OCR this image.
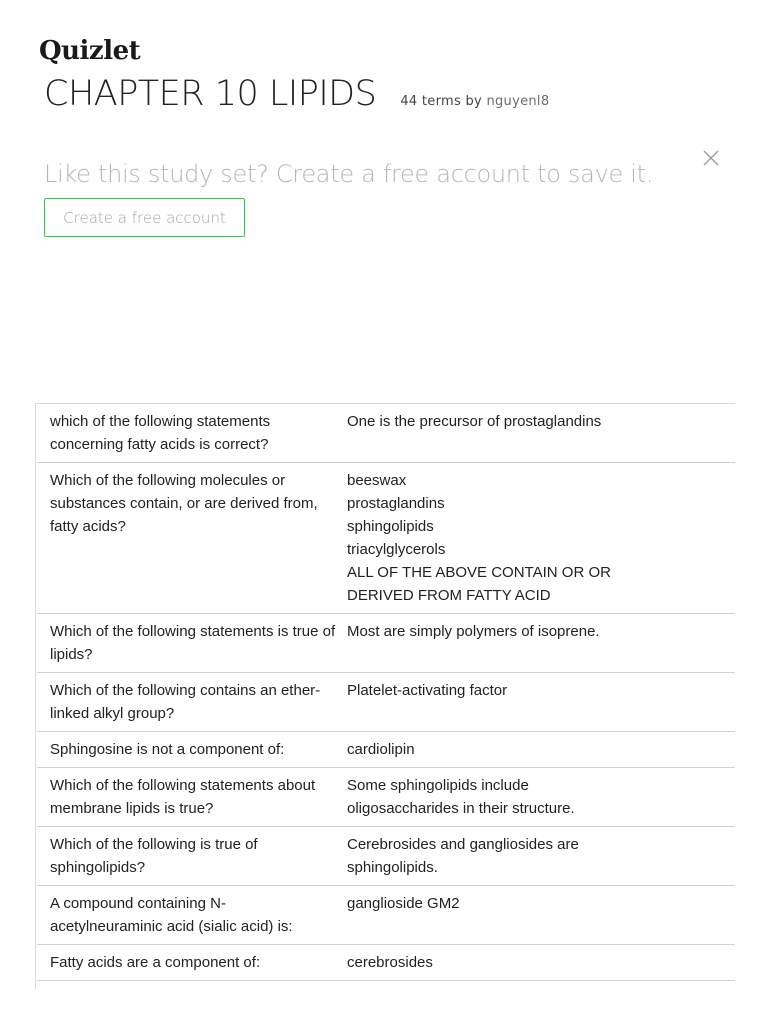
Quizlet
CHAPTER 10 LIPIDS 44 terms by nguyenl8
Like this study set? Create a free account to save it.
Create a free account
which of the following statements concerning fatty acids is correct?
One is the precursor of prostaglandins
Which of the following molecules or substances contain, or are derived from, fatty acids?
beeswax
prostaglandins
sphingolipids
triacylglycerols
ALL OF THE ABOVE CONTAIN OR OR DERIVED FROM FATTY ACID
Which of the following statements is true of lipids?
Most are simply polymers of isoprene.
Which of the following contains an ether-linked alkyl group?
Platelet-activating factor
Sphingosine is not a component of:	cardiolipin
Which of the following statements about membrane lipids is true?
Some sphingolipids include oligosaccharides in their structure.
Which of the following is true of sphingolipids?
Cerebrosides and gangliosides are sphingolipids.
A compound containing N-acetylneuraminic acid (sialic acid) is:
ganglioside GM2
Fatty acids are a component of:	cerebrosides
